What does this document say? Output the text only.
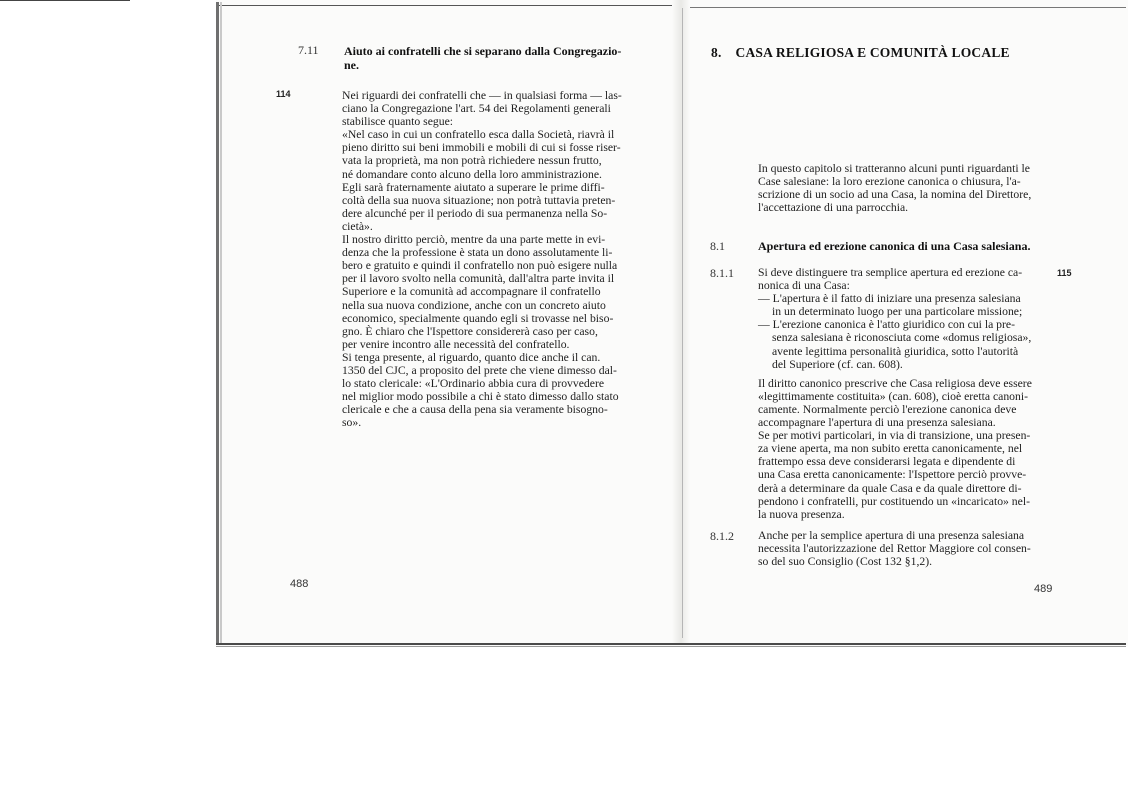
7.11 Aiuto ai confratelli che si separano dalla Congregazio-
ne.
114	Nei riguardi dei confratelli che — in qualsiasi forma — las-
ciano la Congregazione l'art. 54 dei Regolamenti generali
stabilisce quanto segue:
«Nel caso in cui un confratello esca dalla Società, riavrà il
pieno diritto sui beni immobili e mobili di cui si fosse riser-
vata la proprietà, ma non potrà richiedere nessun frutto,
né domandare conto alcuno della loro amministrazione.
Egli sarà fraternamente aiutato a superare le prime diffi-
coltà della sua nuova situazione; non potrà tuttavia preten-
dere alcunché per il periodo di sua permanenza nella So-
cietà».
Il nostro diritto perciò, mentre da una parte mette in evi-
denza che la professione è stata un dono assolutamente li-
bero e gratuito e quindi il confratello non può esigere nulla
per il lavoro svolto nella comunità, dall'altra parte invita il
Superiore e la comunità ad accompagnare il confratello
nella sua nuova condizione, anche con un concreto aiuto
economico, specialmente quando egli si trovasse nel biso-
gno. È chiaro che l'Ispettore considererà caso per caso,
per venire incontro alle necessità del confratello.
Si tenga presente, al riguardo, quanto dice anche il can.
1350 del CJC, a proposito del prete che viene dimesso dal-
lo stato clericale: «L'Ordinario abbia cura di provvedere
nel miglior modo possibile a chi è stato dimesso dallo stato
clericale e che a causa della pena sia veramente bisogno-
so».
488
8. CASA RELIGIOSA E COMUNITÀ LOCALE
In questo capitolo si tratteranno alcuni punti riguardanti le
Case salesiane: la loro erezione canonica o chiusura, l'a-
scrizione di un socio ad una Casa, la nomina del Direttore,
l'accettazione di una parrocchia.
8.1	Apertura ed erezione canonica di una Casa salesiana.
8.1.1	115
Si deve distinguere tra semplice apertura ed erezione ca-
nonica di una Casa:
— L'apertura è il fatto di iniziare una presenza salesiana
in un determinato luogo per una particolare missione;
— L'erezione canonica è l'atto giuridico con cui la pre-
senza salesiana è riconosciuta come «domus religiosa»,
avente legittima personalità giuridica, sotto l'autorità
del Superiore (cf. can. 608).
Il diritto canonico prescrive che Casa religiosa deve essere
«legittimamente costituita» (can. 608), cioè eretta canoni-
camente. Normalmente perciò l'erezione canonica deve
accompagnare l'apertura di una presenza salesiana.
Se per motivi particolari, in via di transizione, una presen-
za viene aperta, ma non subito eretta canonicamente, nel
frattempo essa deve considerarsi legata e dipendente di
una Casa eretta canonicamente: l'Ispettore perciò provve-
derà a determinare da quale Casa e da quale direttore di-
pendono i confratelli, pur costituendo un «incaricato» nel-
la nuova presenza.
8.1.2 Anche per la semplice apertura di una presenza salesiana
necessita l'autorizzazione del Rettor Maggiore col consen-
so del suo Consiglio (Cost 132 §1,2).
489
